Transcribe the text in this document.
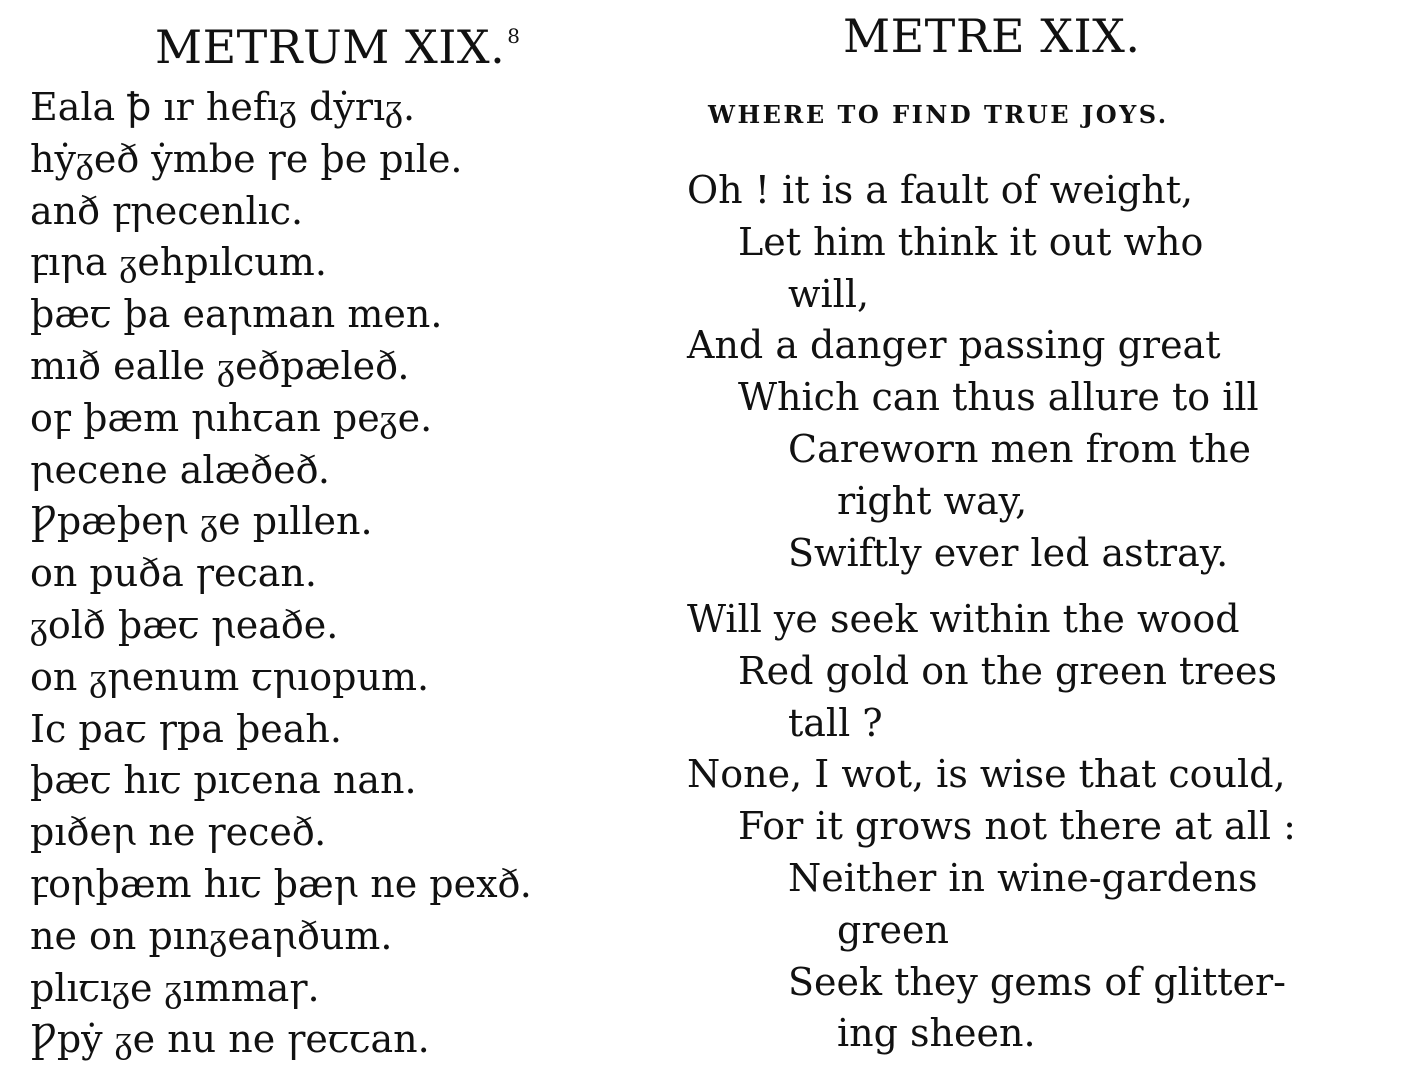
METRUM XIX. $^8$
Eala ꝥ ır hefıᵹ dẏrıᵹ.
hẏᵹeð ẏmbe ꞅe þe pıle.
anð ꝼꞃecenlıc.
ꝼıꞃa ᵹehpılcum.
þæꞇ þa eaꞃman men.
mıð ealle ᵹeðpæleð.
oꝼ þæm ꞃıhꞇan peᵹe.
ꞃecene alæðeð.
Ƿpæþeꞃ ᵹe pıllen.
on puða ꞅecan.
ᵹolð þæꞇ ꞃeaðe.
on ᵹꞃenum ꞇꞃıopum.
Ic paꞇ ꞅpa þeah.
þæꞇ hıꞇ pıꞇena nan.
pıðeꞃ ne ꞅeceð.
ꝼoꞃþæm hıꞇ þæꞃ ne pexð.
ne on pınᵹeaꞃðum.
plıꞇıᵹe ᵹımmaꞅ.
Ƿpẏ ᵹe nu ne ꞅeꞇꞇan.
METRE XIX.
WHERE TO FIND TRUE JOYS.
Oh ! it is a fault of weight,
Let him think it out who
will,
And a danger passing great
Which can thus allure to ill
Careworn men from the
right way,
Swiftly ever led astray.
Will ye seek within the wood
Red gold on the green trees
tall ?
None, I wot, is wise that could,
For it grows not there at all :
Neither in wine-gardens
green
Seek they gems of glitter-
ing sheen.
